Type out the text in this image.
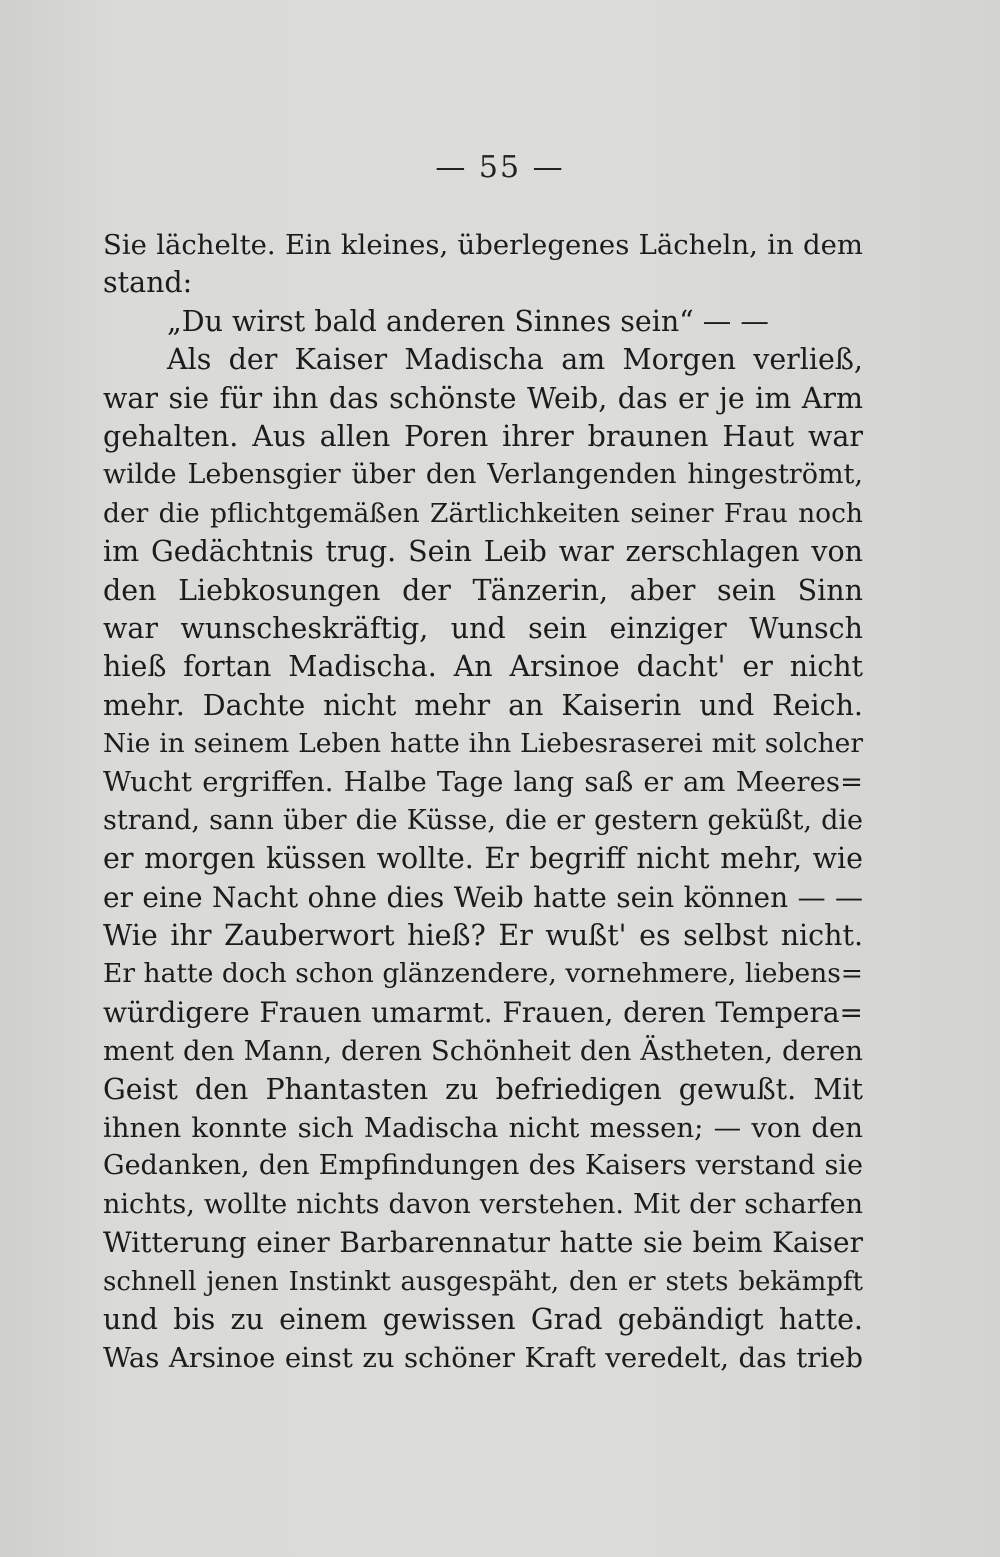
— 55 —
Sie lächelte. Ein kleines, überlegenes Lächeln, in dem
stand:
„Du wirst bald anderen Sinnes sein“ — —
Als der Kaiser Madischa am Morgen verließ,
war sie für ihn das schönste Weib, das er je im Arm
gehalten. Aus allen Poren ihrer braunen Haut war
wilde Lebensgier über den Verlangenden hingeströmt,
der die pflichtgemäßen Zärtlichkeiten seiner Frau noch
im Gedächtnis trug. Sein Leib war zerschlagen von
den Liebkosungen der Tänzerin, aber sein Sinn
war wunscheskräftig, und sein einziger Wunsch
hieß fortan Madischa. An Arsinoe dacht' er nicht
mehr. Dachte nicht mehr an Kaiserin und Reich.
Nie in seinem Leben hatte ihn Liebesraserei mit solcher
Wucht ergriffen. Halbe Tage lang saß er am Meeres=
strand, sann über die Küsse, die er gestern geküßt, die
er morgen küssen wollte. Er begriff nicht mehr, wie
er eine Nacht ohne dies Weib hatte sein können — —
Wie ihr Zauberwort hieß? Er wußt' es selbst nicht.
Er hatte doch schon glänzendere, vornehmere, liebens=
würdigere Frauen umarmt. Frauen, deren Tempera=
ment den Mann, deren Schönheit den Ästheten, deren
Geist den Phantasten zu befriedigen gewußt. Mit
ihnen konnte sich Madischa nicht messen; — von den
Gedanken, den Empfindungen des Kaisers verstand sie
nichts, wollte nichts davon verstehen. Mit der scharfen
Witterung einer Barbarennatur hatte sie beim Kaiser
schnell jenen Instinkt ausgespäht, den er stets bekämpft
und bis zu einem gewissen Grad gebändigt hatte.
Was Arsinoe einst zu schöner Kraft veredelt, das trieb
